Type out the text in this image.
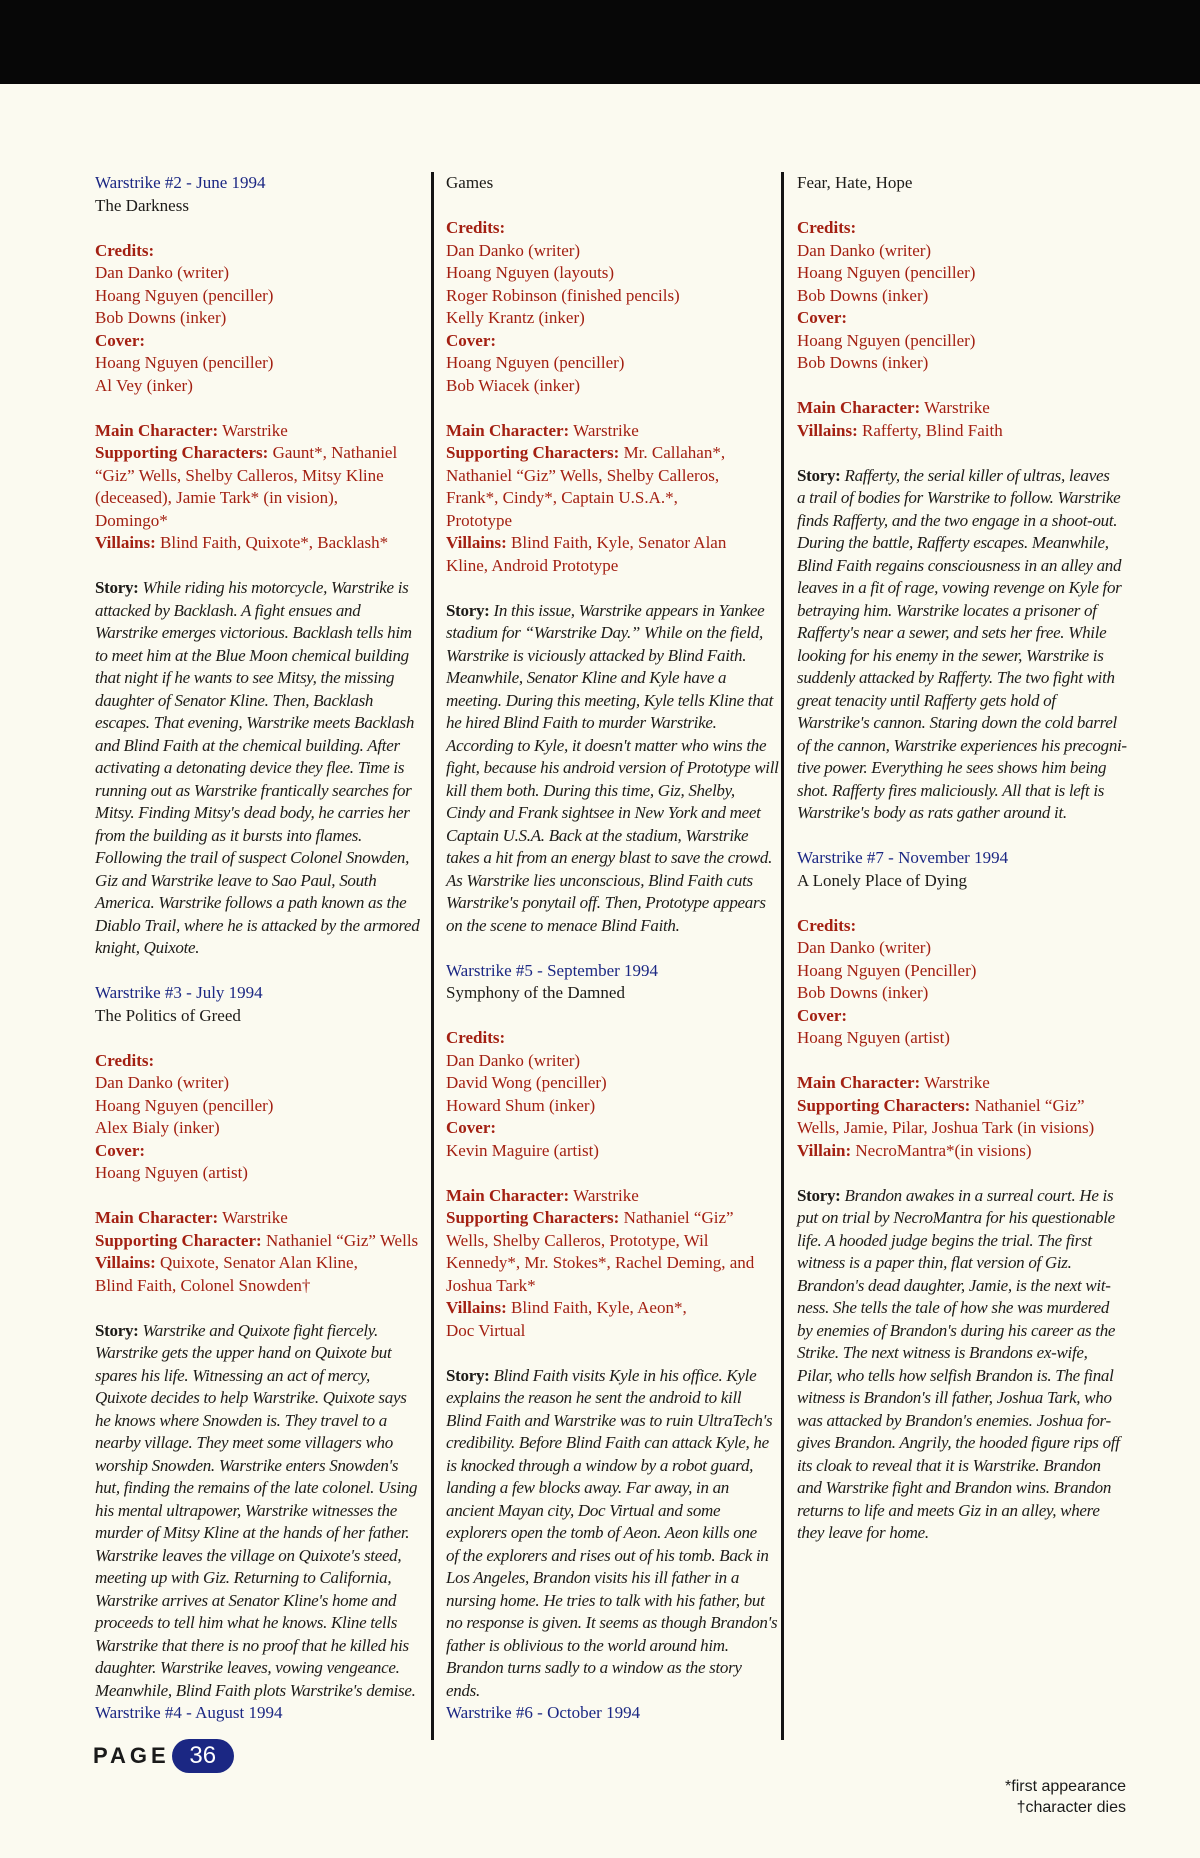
Warstrike #2 - June 1994
The Darkness
Credits:
Dan Danko (writer)
Hoang Nguyen (penciller)
Bob Downs (inker)
Cover:
Hoang Nguyen (penciller)
Al Vey (inker)
Main Character: Warstrike
Supporting Characters: Gaunt*, Nathaniel
“Giz” Wells, Shelby Calleros, Mitsy Kline
(deceased), Jamie Tark* (in vision),
Domingo*
Villains: Blind Faith, Quixote*, Backlash*
Story: While riding his motorcycle, Warstrike is
attacked by Backlash. A fight ensues and
Warstrike emerges victorious. Backlash tells him
to meet him at the Blue Moon chemical building
that night if he wants to see Mitsy, the missing
daughter of Senator Kline. Then, Backlash
escapes. That evening, Warstrike meets Backlash
and Blind Faith at the chemical building. After
activating a detonating device they flee. Time is
running out as Warstrike frantically searches for
Mitsy. Finding Mitsy's dead body, he carries her
from the building as it bursts into flames.
Following the trail of suspect Colonel Snowden,
Giz and Warstrike leave to Sao Paul, South
America. Warstrike follows a path known as the
Diablo Trail, where he is attacked by the armored
knight, Quixote.
Warstrike #3 - July 1994
The Politics of Greed
Credits:
Dan Danko (writer)
Hoang Nguyen (penciller)
Alex Bialy (inker)
Cover:
Hoang Nguyen (artist)
Main Character: Warstrike
Supporting Character: Nathaniel “Giz” Wells
Villains: Quixote, Senator Alan Kline,
Blind Faith, Colonel Snowden†
Story: Warstrike and Quixote fight fiercely.
Warstrike gets the upper hand on Quixote but
spares his life. Witnessing an act of mercy,
Quixote decides to help Warstrike. Quixote says
he knows where Snowden is. They travel to a
nearby village. They meet some villagers who
worship Snowden. Warstrike enters Snowden's
hut, finding the remains of the late colonel. Using
his mental ultrapower, Warstrike witnesses the
murder of Mitsy Kline at the hands of her father.
Warstrike leaves the village on Quixote's steed,
meeting up with Giz. Returning to California,
Warstrike arrives at Senator Kline's home and
proceeds to tell him what he knows. Kline tells
Warstrike that there is no proof that he killed his
daughter. Warstrike leaves, vowing vengeance.
Meanwhile, Blind Faith plots Warstrike's demise.
Warstrike #4 - August 1994
Games
Credits:
Dan Danko (writer)
Hoang Nguyen (layouts)
Roger Robinson (finished pencils)
Kelly Krantz (inker)
Cover:
Hoang Nguyen (penciller)
Bob Wiacek (inker)
Main Character: Warstrike
Supporting Characters: Mr. Callahan*,
Nathaniel “Giz” Wells, Shelby Calleros,
Frank*, Cindy*, Captain U.S.A.*,
Prototype
Villains: Blind Faith, Kyle, Senator Alan
Kline, Android Prototype
Story: In this issue, Warstrike appears in Yankee
stadium for “Warstrike Day.” While on the field,
Warstrike is viciously attacked by Blind Faith.
Meanwhile, Senator Kline and Kyle have a
meeting. During this meeting, Kyle tells Kline that
he hired Blind Faith to murder Warstrike.
According to Kyle, it doesn't matter who wins the
fight, because his android version of Prototype will
kill them both. During this time, Giz, Shelby,
Cindy and Frank sightsee in New York and meet
Captain U.S.A. Back at the stadium, Warstrike
takes a hit from an energy blast to save the crowd.
As Warstrike lies unconscious, Blind Faith cuts
Warstrike's ponytail off. Then, Prototype appears
on the scene to menace Blind Faith.
Warstrike #5 - September 1994
Symphony of the Damned
Credits:
Dan Danko (writer)
David Wong (penciller)
Howard Shum (inker)
Cover:
Kevin Maguire (artist)
Main Character: Warstrike
Supporting Characters: Nathaniel “Giz”
Wells, Shelby Calleros, Prototype, Wil
Kennedy*, Mr. Stokes*, Rachel Deming, and
Joshua Tark*
Villains: Blind Faith, Kyle, Aeon*,
Doc Virtual
Story: Blind Faith visits Kyle in his office. Kyle
explains the reason he sent the android to kill
Blind Faith and Warstrike was to ruin UltraTech's
credibility. Before Blind Faith can attack Kyle, he
is knocked through a window by a robot guard,
landing a few blocks away. Far away, in an
ancient Mayan city, Doc Virtual and some
explorers open the tomb of Aeon. Aeon kills one
of the explorers and rises out of his tomb. Back in
Los Angeles, Brandon visits his ill father in a
nursing home. He tries to talk with his father, but
no response is given. It seems as though Brandon's
father is oblivious to the world around him.
Brandon turns sadly to a window as the story
ends.
Warstrike #6 - October 1994
Fear, Hate, Hope
Credits:
Dan Danko (writer)
Hoang Nguyen (penciller)
Bob Downs (inker)
Cover:
Hoang Nguyen (penciller)
Bob Downs (inker)
Main Character: Warstrike
Villains: Rafferty, Blind Faith
Story: Rafferty, the serial killer of ultras, leaves
a trail of bodies for Warstrike to follow. Warstrike
finds Rafferty, and the two engage in a shoot-out.
During the battle, Rafferty escapes. Meanwhile,
Blind Faith regains consciousness in an alley and
leaves in a fit of rage, vowing revenge on Kyle for
betraying him. Warstrike locates a prisoner of
Rafferty's near a sewer, and sets her free. While
looking for his enemy in the sewer, Warstrike is
suddenly attacked by Rafferty. The two fight with
great tenacity until Rafferty gets hold of
Warstrike's cannon. Staring down the cold barrel
of the cannon, Warstrike experiences his precogni-
tive power. Everything he sees shows him being
shot. Rafferty fires maliciously. All that is left is
Warstrike's body as rats gather around it.
Warstrike #7 - November 1994
A Lonely Place of Dying
Credits:
Dan Danko (writer)
Hoang Nguyen (Penciller)
Bob Downs (inker)
Cover:
Hoang Nguyen (artist)
Main Character: Warstrike
Supporting Characters: Nathaniel “Giz”
Wells, Jamie, Pilar, Joshua Tark (in visions)
Villain: NecroMantra*(in visions)
Story: Brandon awakes in a surreal court. He is
put on trial by NecroMantra for his questionable
life. A hooded judge begins the trial. The first
witness is a paper thin, flat version of Giz.
Brandon's dead daughter, Jamie, is the next wit-
ness. She tells the tale of how she was murdered
by enemies of Brandon's during his career as the
Strike. The next witness is Brandons ex-wife,
Pilar, who tells how selfish Brandon is. The final
witness is Brandon's ill father, Joshua Tark, who
was attacked by Brandon's enemies. Joshua for-
gives Brandon. Angrily, the hooded figure rips off
its cloak to reveal that it is Warstrike. Brandon
and Warstrike fight and Brandon wins. Brandon
returns to life and meets Giz in an alley, where
they leave for home.
PAGE 36
*first appearance
†character dies
